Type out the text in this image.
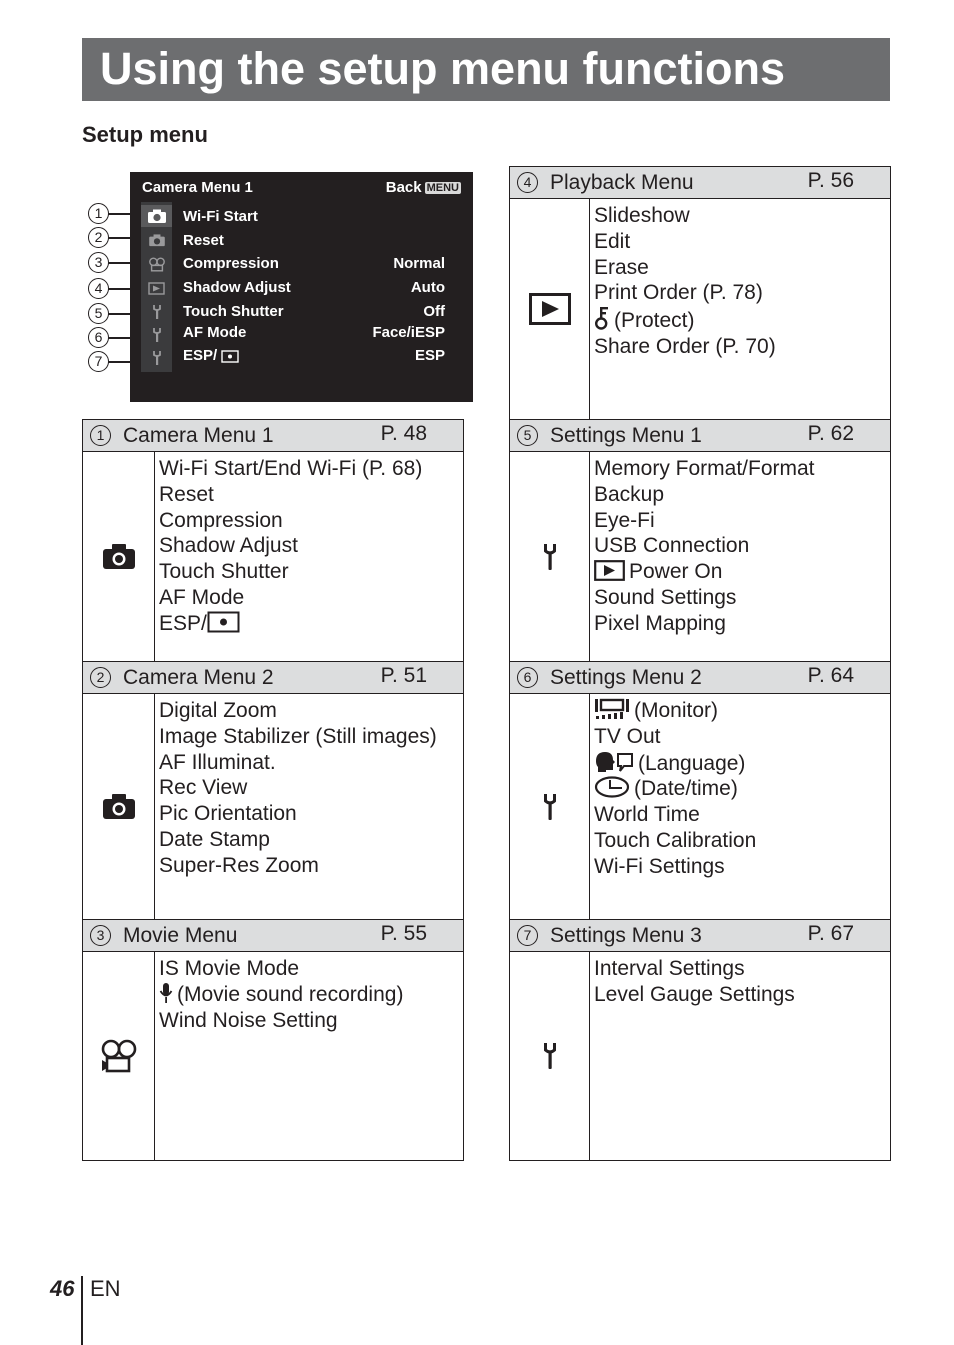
Using the setup menu functions
Setup menu
1
2
3
4
5
6
7
Camera Menu 1	Back MENU
Wi-Fi Start
Reset
Compression	Normal
Shadow Adjust	Auto
Touch Shutter	Off
AF Mode	Face/iESP
ESP/	ESP
1 Camera Menu 1	P. 48
Wi-Fi Start/End Wi-Fi (P. 68)
Reset
Compression
Shadow Adjust
Touch Shutter
AF Mode
ESP/
2 Camera Menu 2	P. 51
Digital Zoom
Image Stabilizer (Still images)
AF Illuminat.
Rec View
Pic Orientation
Date Stamp
Super-Res Zoom
3 Movie Menu	P. 55
IS Movie Mode
(Movie sound recording)
Wind Noise Setting
4 Playback Menu	P. 56
Slideshow
Edit
Erase
Print Order (P. 78)
(Protect)
Share Order (P. 70)
5 Settings Menu 1	P. 62
Memory Format/Format
Backup
Eye-Fi
USB Connection
Power On
Sound Settings
Pixel Mapping
6 Settings Menu 2	P. 64
(Monitor)
TV Out
(Language)
(Date/time)
World Time
Touch Calibration
Wi-Fi Settings
7 Settings Menu 3	P. 67
Interval Settings
Level Gauge Settings
46 EN
